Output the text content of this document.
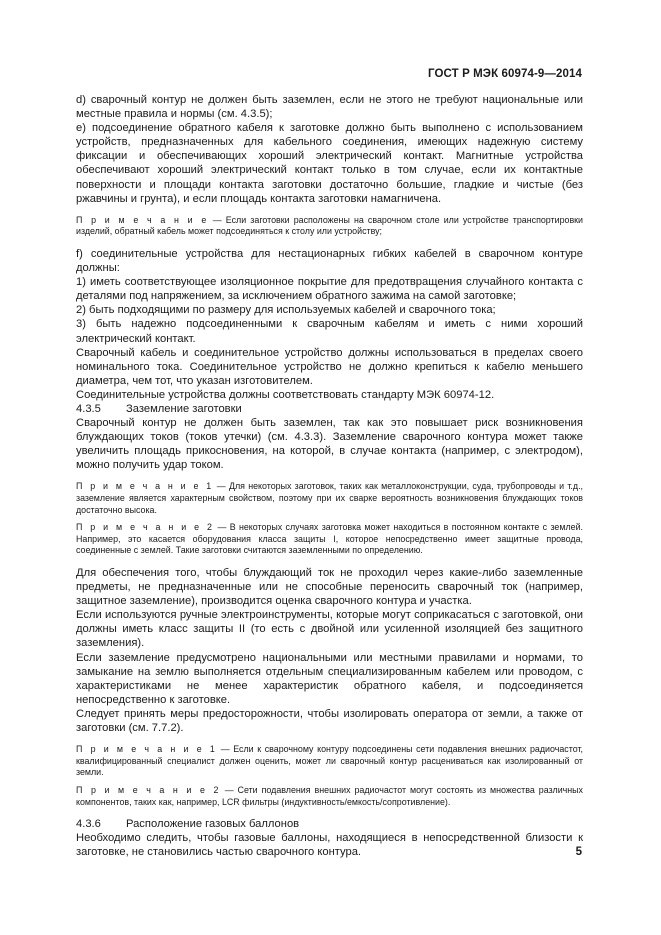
ГОСТ Р МЭК 60974-9—2014

d) сварочный контур не должен быть заземлен, если не этого не требуют национальные или местные правила и нормы (см. 4.3.5);

e) подсоединение обратного кабеля к заготовке должно быть выполнено с использованием устройств, предназначенных для кабельного соединения, имеющих надежную систему фиксации и обеспечивающих хороший электрический контакт. Магнитные устройства обеспечивают хороший электрический контакт только в том случае, если их контактные поверхности и площади контакта заготовки достаточно большие, гладкие и чистые (без ржавчины и грунта), и если площадь контакта заготовки намагничена.

П р и м е ч а н и е — Если заготовки расположены на сварочном столе или устройстве транспортировки изделий, обратный кабель может подсоединяться к столу или устройству;

f) соединительные устройства для нестационарных гибких кабелей в сварочном контуре должны:

1) иметь соответствующее изоляционное покрытие для предотвращения случайного контакта с деталями под напряжением, за исключением обратного зажима на самой заготовке;

2) быть подходящими по размеру для используемых кабелей и сварочного тока;

3) быть надежно подсоединенными к сварочным кабелям и иметь с ними хороший электрический контакт.

Сварочный кабель и соединительное устройство должны использоваться в пределах своего номинального тока. Соединительное устройство не должно крепиться к кабелю меньшего диаметра, чем тот, что указан изготовителем.

Соединительные устройства должны соответствовать стандарту МЭК 60974-12.

4.3.5	Заземление заготовки

Сварочный контур не должен быть заземлен, так как это повышает риск возникновения блуждающих токов (токов утечки) (см. 4.3.3). Заземление сварочного контура может также увеличить площадь прикосновения, на которой, в случае контакта (например, с электродом), можно получить удар током.

П р и м е ч а н и е 1 — Для некоторых заготовок, таких как металлоконструкции, суда, трубопроводы и т.д., заземление является характерным свойством, поэтому при их сварке вероятность возникновения блуждающих токов достаточно высока.

П р и м е ч а н и е 2 — В некоторых случаях заготовка может находиться в постоянном контакте с землей. Например, это касается оборудования класса защиты I, которое непосредственно имеет защитные провода, соединенные с землей. Такие заготовки считаются заземленными по определению.

Для обеспечения того, чтобы блуждающий ток не проходил через какие-либо заземленные предметы, не предназначенные или не способные переносить сварочный ток (например, защитное заземление), производится оценка сварочного контура и участка.

Если используются ручные электроинструменты, которые могут соприкасаться с заготовкой, они должны иметь класс защиты II (то есть с двойной или усиленной изоляцией без защитного заземления).

Если заземление предусмотрено национальными или местными правилами и нормами, то замыкание на землю выполняется отдельным специализированным кабелем или проводом, с характеристиками не менее характеристик обратного кабеля, и подсоединяется непосредственно к заготовке.

Следует принять меры предосторожности, чтобы изолировать оператора от земли, а также от заготовки (см. 7.7.2).

П р и м е ч а н и е 1 — Если к сварочному контуру подсоединены сети подавления внешних радиочастот, квалифицированный специалист должен оценить, может ли сварочный контур расцениваться как изолированный от земли.

П р и м е ч а н и е 2 — Сети подавления внешних радиочастот могут состоять из множества различных компонентов, таких как, например, LCR фильтры (индуктивность/емкость/сопротивление).

4.3.6	Расположение газовых баллонов

Необходимо следить, чтобы газовые баллоны, находящиеся в непосредственной близости к заготовке, не становились частью сварочного контура.	5
